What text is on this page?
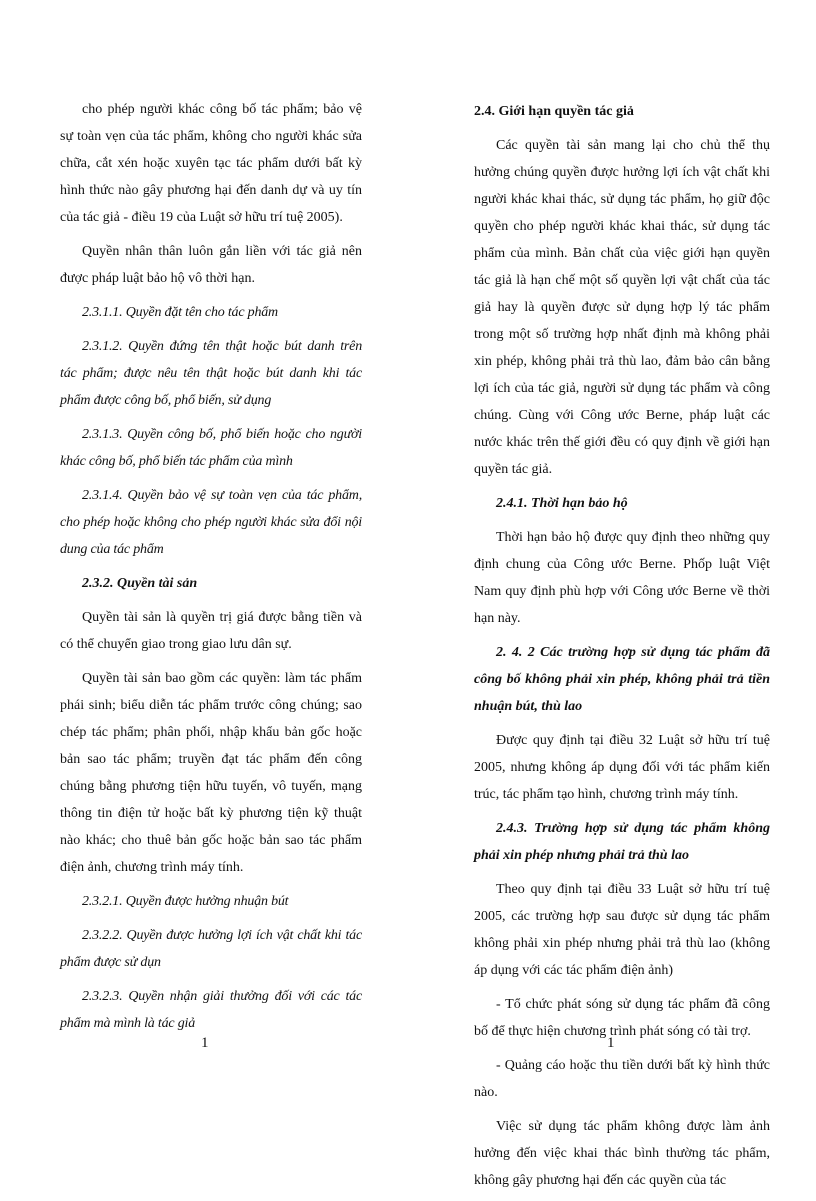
cho phép người khác công bố tác phẩm; bảo vệ sự toàn vẹn của tác phẩm, không cho người khác sửa chữa, cắt xén hoặc xuyên tạc tác phẩm dưới bất kỳ hình thức nào gây phương hại đến danh dự và uy tín của tác giả - điều 19 của Luật sở hữu trí tuệ 2005).

Quyền nhân thân luôn gắn liền với tác giả nên được pháp luật bảo hộ vô thời hạn.

2.3.1.1. Quyền đặt tên cho tác phẩm

2.3.1.2. Quyền đứng tên thật hoặc bút danh trên tác phẩm; được nêu tên thật hoặc bút danh khi tác phẩm được công bố, phổ biến, sử dụng

2.3.1.3. Quyền công bố, phổ biến hoặc cho người khác công bố, phổ biến tác phẩm của mình

2.3.1.4. Quyền bảo vệ sự toàn vẹn của tác phẩm, cho phép hoặc không cho phép người khác sửa đổi nội dung của tác phẩm

2.3.2. Quyền tài sản

Quyền tài sản là quyền trị giá được bằng tiền và có thể chuyển giao trong giao lưu dân sự.

Quyền tài sản bao gồm các quyền: làm tác phẩm phái sinh; biểu diễn tác phẩm trước công chúng; sao chép tác phẩm; phân phối, nhập khẩu bản gốc hoặc bản sao tác phẩm; truyền đạt tác phẩm đến công chúng bằng phương tiện hữu tuyến, vô tuyến, mạng thông tin điện tử hoặc bất kỳ phương tiện kỹ thuật nào khác; cho thuê bản gốc hoặc bản sao tác phẩm điện ảnh, chương trình máy tính.

2.3.2.1. Quyền được hưởng nhuận bút

2.3.2.2. Quyền được hưởng lợi ích vật chất khi tác phẩm được sử dụn

2.3.2.3. Quyền nhận giải thưởng đối với các tác phẩm mà mình là tác giả

1

2.4. Giới hạn quyền tác giả

Các quyền tài sản mang lại cho chủ thể thụ hưởng chúng quyền được hưởng lợi ích vật chất khi người khác khai thác, sử dụng tác phẩm, họ giữ độc quyền cho phép người khác khai thác, sử dụng tác phẩm của mình. Bản chất của việc giới hạn quyền tác giả là hạn chế một số quyền lợi vật chất của tác giả hay là quyền được sử dụng hợp lý tác phẩm trong một số trường hợp nhất định mà không phải xin phép, không phải trả thù lao, đảm bảo cân bằng lợi ích của tác giả, người sử dụng tác phẩm và công chúng. Cùng với Công ước Berne, pháp luật các nước khác trên thế giới đều có quy định về giới hạn quyền tác giả.

2.4.1. Thời hạn bảo hộ

Thời hạn bảo hộ được quy định theo những quy định chung của Công ước Berne. Phốp luật Việt Nam quy định phù hợp với Công ước Berne về thời hạn này.

2. 4. 2 Các trường hợp sử dụng tác phẩm đã công bố không phải xin phép, không phải trả tiền nhuận bút, thù lao

Được quy định tại điều 32 Luật sở hữu trí tuệ 2005, nhưng không áp dụng đối với tác phẩm kiến trúc, tác phẩm tạo hình, chương trình máy tính.

2.4.3. Trường hợp sử dụng tác phẩm không phải xin phép nhưng phải trả thù lao

Theo quy định tại điều 33 Luật sở hữu trí tuệ 2005, các trường hợp sau được sử dụng tác phẩm không phải xin phép nhưng phải trả thù lao (không áp dụng với các tác phẩm điện ảnh)

- Tổ chức phát sóng sử dụng tác phẩm đã công bố để thực hiện chương trình phát sóng có tài trợ.

- Quảng cáo hoặc thu tiền dưới bất kỳ hình thức nào.

Việc sử dụng tác phẩm không được làm ảnh hưởng đến việc khai thác bình thường tác phẩm, không gây phương hại đến các quyền của tác

1
